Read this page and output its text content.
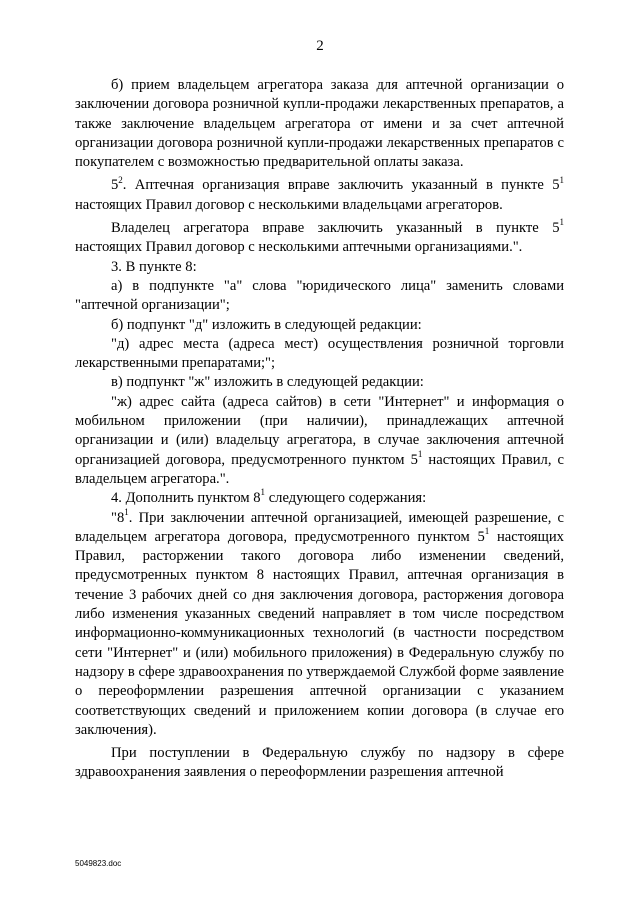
2

б) прием владельцем агрегатора заказа для аптечной организации о заключении договора розничной купли-продажи лекарственных препаратов, а также заключение владельцем агрегатора от имени и за счет аптечной организации договора розничной купли-продажи лекарственных препаратов с покупателем с возможностью предварительной оплаты заказа.

$5^2$. Аптечная организация вправе заключить указанный в пункте $5^1$ настоящих Правил договор с несколькими владельцами агрегаторов.

Владелец агрегатора вправе заключить указанный в пункте $5^1$ настоящих Правил договор с несколькими аптечными организациями.".

3. В пункте 8:

а) в подпункте "а" слова "юридического лица" заменить словами "аптечной организации";

б) подпункт "д" изложить в следующей редакции:

"д) адрес места (адреса мест) осуществления розничной торговли лекарственными препаратами;";

в) подпункт "ж" изложить в следующей редакции:

"ж) адрес сайта (адреса сайтов) в сети "Интернет" и информация о мобильном приложении (при наличии), принадлежащих аптечной организации и (или) владельцу агрегатора, в случае заключения аптечной организацией договора, предусмотренного пунктом $5^1$ настоящих Правил, с владельцем агрегатора.".

4. Дополнить пунктом $8^1$ следующего содержания:

"$8^1$. При заключении аптечной организацией, имеющей разрешение, с владельцем агрегатора договора, предусмотренного пунктом $5^1$ настоящих Правил, расторжении такого договора либо изменении сведений, предусмотренных пунктом 8 настоящих Правил, аптечная организация в течение 3 рабочих дней со дня заключения договора, расторжения договора либо изменения указанных сведений направляет в том числе посредством информационно-коммуникационных технологий (в частности посредством сети "Интернет" и (или) мобильного приложения) в Федеральную службу по надзору в сфере здравоохранения по утверждаемой Службой форме заявление о переоформлении разрешения аптечной организации с указанием соответствующих сведений и приложением копии договора (в случае его заключения).

При поступлении в Федеральную службу по надзору в сфере здравоохранения заявления о переоформлении разрешения аптечной

5049823.doc
